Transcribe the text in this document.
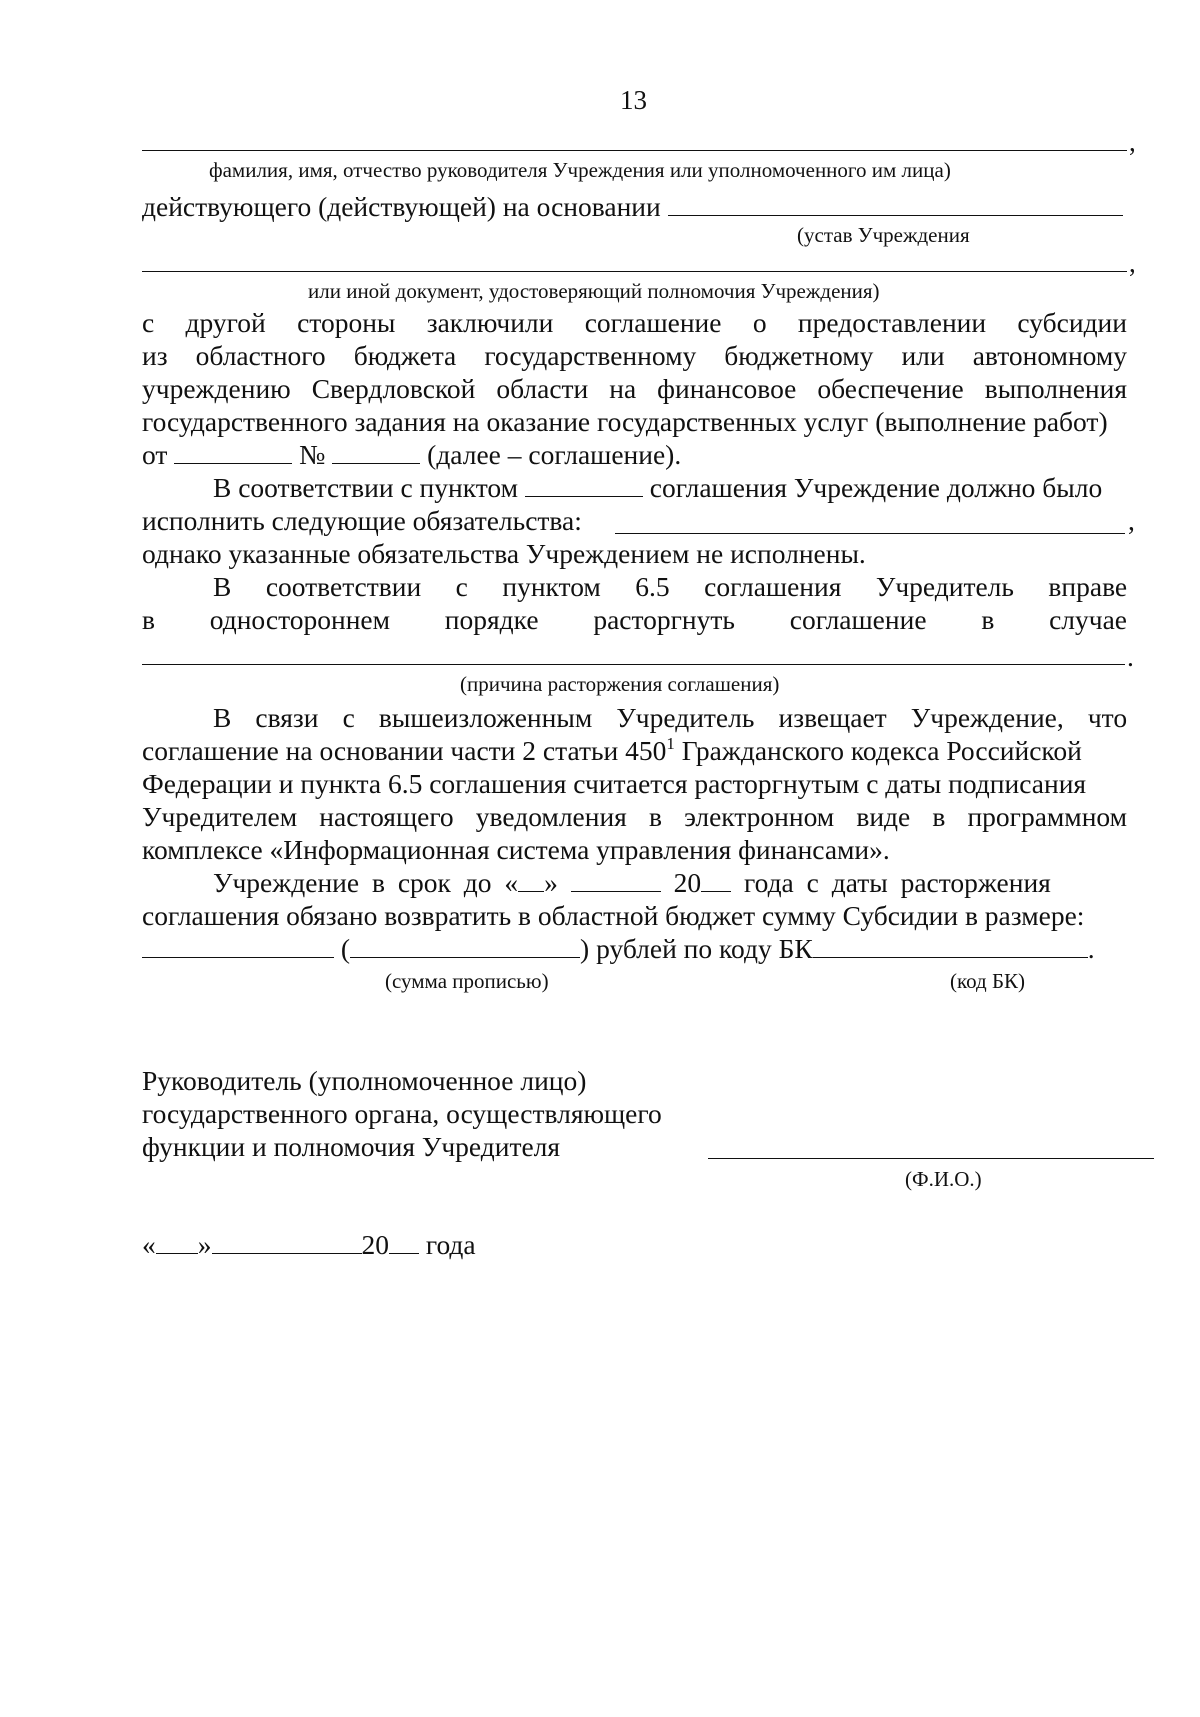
13
,
фамилия, имя, отчество руководителя Учреждения или уполномоченного им лица)
действующего (действующей) на основании
(устав Учреждения
,
или иной документ, удостоверяющий полномочия Учреждения)
с другой стороны заключили соглашение о предоставлении субсидии
из областного бюджета государственному бюджетному или автономному
учреждению Свердловской области на финансовое обеспечение выполнения
государственного задания на оказание государственных услуг (выполнение работ)
от	№	(далее – соглашение).
В соответствии с пунктом	соглашения Учреждение должно было
исполнить следующие обязательства:	,
однако указанные обязательства Учреждением не исполнены.
В соответствии с пунктом 6.5 соглашения Учредитель вправе
в одностороннем порядке расторгнуть соглашение в случае
.
(причина расторжения соглашения)
В связи с вышеизложенным Учредитель извещает Учреждение, что
соглашение на основании части 2 статьи $450^1$ Гражданского кодекса Российской
Федерации и пункта 6.5 соглашения считается расторгнутым с даты подписания
Учредителем настоящего уведомления в электронном виде в программном
комплексе «Информационная система управления финансами».
Учреждение в срок до « »	20 года с даты расторжения
соглашения обязано возвратить в областной бюджет сумму Субсидии в размере:
(	) рублей по коду БК	.
(сумма прописью)	(код БК)
Руководитель (уполномоченное лицо)
государственного органа, осуществляющего
функции и полномочия Учредителя
(Ф.И.О.)
« »	20 года
